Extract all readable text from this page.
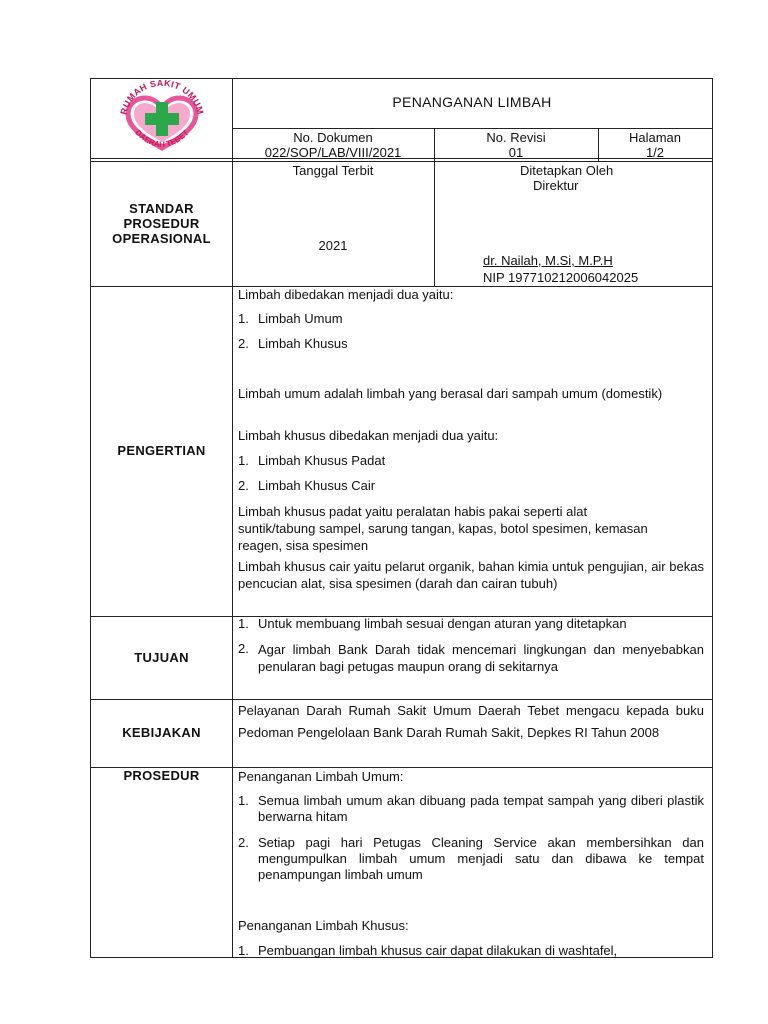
RUMAH SAKIT UMUM
DAERAH TEBET
PENANGANAN LIMBAH
No. Dokumen
022/SOP/LAB/VIII/2021
No. Revisi
01
Halaman
1/2
STANDAR
PROSEDUR
OPERASIONAL
Tanggal Terbit
2021
Ditetapkan Oleh
Direktur
dr. Nailah, M.Si, M.P.H
NIP 197710212006042025
PENGERTIAN
Limbah dibedakan menjadi dua yaitu:
1. Limbah Umum
2. Limbah Khusus
Limbah umum adalah limbah yang berasal dari sampah umum (domestik)
Limbah khusus dibedakan menjadi dua yaitu:
1. Limbah Khusus Padat
2. Limbah Khusus Cair
Limbah khusus padat yaitu peralatan habis pakai seperti alat suntik/tabung sampel, sarung tangan, kapas, botol spesimen, kemasan reagen, sisa spesimen
Limbah khusus cair yaitu pelarut organik, bahan kimia untuk pengujian, air bekas pencucian alat, sisa spesimen (darah dan cairan tubuh)
TUJUAN
1. Untuk membuang limbah sesuai dengan aturan yang ditetapkan
2. Agar limbah Bank Darah tidak mencemari lingkungan dan menyebabkan penularan bagi petugas maupun orang di sekitarnya
KEBIJAKAN
Pelayanan Darah Rumah Sakit Umum Daerah Tebet mengacu kepada buku Pedoman Pengelolaan Bank Darah Rumah Sakit, Depkes RI Tahun 2008
PROSEDUR	Penanganan Limbah Umum:
1. Semua limbah umum akan dibuang pada tempat sampah yang diberi plastik berwarna hitam
2. Setiap pagi hari Petugas Cleaning Service akan membersihkan dan mengumpulkan limbah umum menjadi satu dan dibawa ke tempat penampungan limbah umum
Penanganan Limbah Khusus:
1. Pembuangan limbah khusus cair dapat dilakukan di washtafel,
